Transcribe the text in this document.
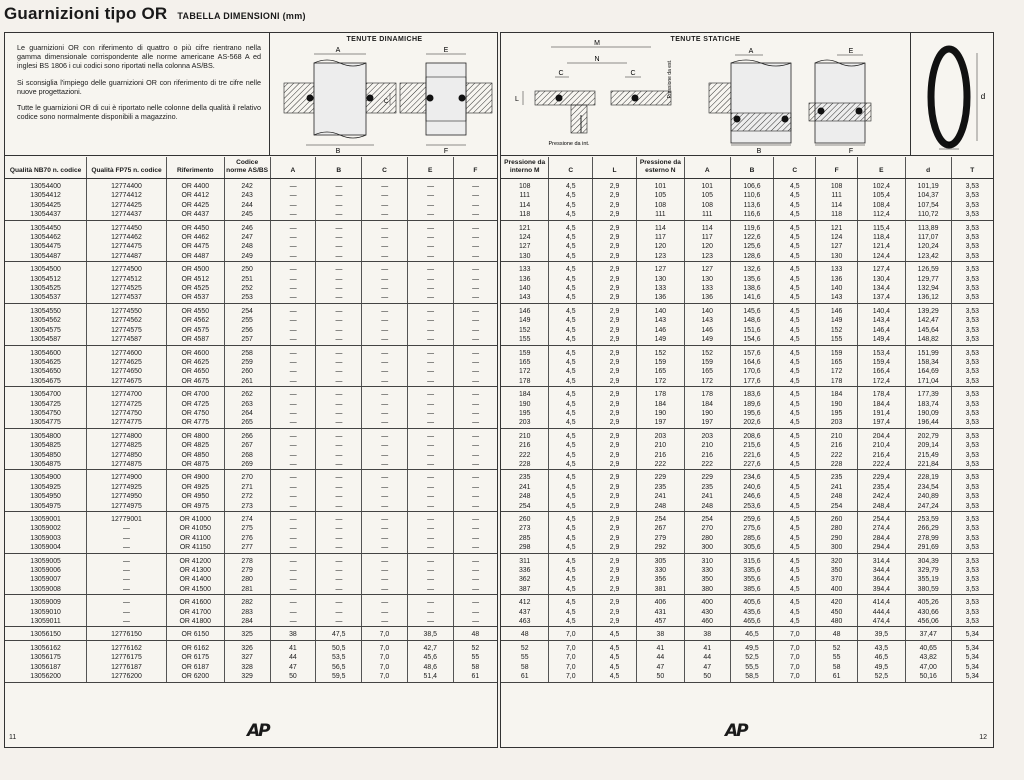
Guarnizioni tipo OR TABELLA DIMENSIONI (mm)

Le guarnizioni OR con riferimento di quattro o più cifre rientrano nella gamma dimensionale corrispondente alle norme americane AS-568 A ed inglesi BS 1806 i cui codici sono riportati nella colonna AS/BS.

Si sconsiglia l'impiego delle guarnizioni OR con riferimento di tre cifre nelle nuove progettazioni.

Tutte le guarnizioni OR di cui è riportato nelle colonne della qualità il relativo codice sono normalmente disponibili a magazzino.

TENUTE DINAMICHE
A
B
C
E
F
Qualità NB70 n. codice	Qualità FP75 n. codice	Riferimento	Codice norme AS/BS	A	B	C	E	F
13054400	12774400	OR 4400	242	—	—	—	—	—
13054412	12774412	OR 4412	243	—	—	—	—	—
13054425	12774425	OR 4425	244	—	—	—	—	—
13054437	12774437	OR 4437	245	—	—	—	—	—
13054450	12774450	OR 4450	246	—	—	—	—	—
13054462	12774462	OR 4462	247	—	—	—	—	—
13054475	12774475	OR 4475	248	—	—	—	—	—
13054487	12774487	OR 4487	249	—	—	—	—	—
13054500	12774500	OR 4500	250	—	—	—	—	—
13054512	12774512	OR 4512	251	—	—	—	—	—
13054525	12774525	OR 4525	252	—	—	—	—	—
13054537	12774537	OR 4537	253	—	—	—	—	—
13054550	12774550	OR 4550	254	—	—	—	—	—
13054562	12774562	OR 4562	255	—	—	—	—	—
13054575	12774575	OR 4575	256	—	—	—	—	—
13054587	12774587	OR 4587	257	—	—	—	—	—
13054600	12774600	OR 4600	258	—	—	—	—	—
13054625	12774625	OR 4625	259	—	—	—	—	—
13054650	12774650	OR 4650	260	—	—	—	—	—
13054675	12774675	OR 4675	261	—	—	—	—	—
13054700	12774700	OR 4700	262	—	—	—	—	—
13054725	12774725	OR 4725	263	—	—	—	—	—
13054750	12774750	OR 4750	264	—	—	—	—	—
13054775	12774775	OR 4775	265	—	—	—	—	—
13054800	12774800	OR 4800	266	—	—	—	—	—
13054825	12774825	OR 4825	267	—	—	—	—	—
13054850	12774850	OR 4850	268	—	—	—	—	—
13054875	12774875	OR 4875	269	—	—	—	—	—
13054900	12774900	OR 4900	270	—	—	—	—	—
13054925	12774925	OR 4925	271	—	—	—	—	—
13054950	12774950	OR 4950	272	—	—	—	—	—
13054975	12774975	OR 4975	273	—	—	—	—	—
13059001	12779001	OR 41000	274	—	—	—	—	—
13059002	—	OR 41050	275	—	—	—	—	—
13059003	—	OR 41100	276	—	—	—	—	—
13059004	—	OR 41150	277	—	—	—	—	—
13059005	—	OR 41200	278	—	—	—	—	—
13059006	—	OR 41300	279	—	—	—	—	—
13059007	—	OR 41400	280	—	—	—	—	—
13059008	—	OR 41500	281	—	—	—	—	—
13059009	—	OR 41600	282	—	—	—	—	—
13059010	—	OR 41700	283	—	—	—	—	—
13059011	—	OR 41800	284	—	—	—	—	—
13056150	12776150	OR 6150	325	38	47,5	7,0	38,5	48
13056162	12776162	OR 6162	326	41	50,5	7,0	42,7	52
13056175	12776175	OR 6175	327	44	53,5	7,0	45,6	55
13056187	12776187	OR 6187	328	47	56,5	7,0	48,6	58
13056200	12776200	OR 6200	329	50	59,5	7,0	51,4	61
AP
11
TENUTE STATICHE
M
N
C	C
L
Pressione da int.
Pressione da est.
A
B
E
F
d
T
Pressione da interno M	C	L	Pressione da esterno N	A	B	C	F	E	d	T
108	4,5	2,9	101	101	106,6	4,5	108	102,4	101,19	3,53
111	4,5	2,9	105	105	110,6	4,5	111	105,4	104,37	3,53
114	4,5	2,9	108	108	113,6	4,5	114	108,4	107,54	3,53
118	4,5	2,9	111	111	116,6	4,5	118	112,4	110,72	3,53
121	4,5	2,9	114	114	119,6	4,5	121	115,4	113,89	3,53
124	4,5	2,9	117	117	122,6	4,5	124	118,4	117,07	3,53
127	4,5	2,9	120	120	125,6	4,5	127	121,4	120,24	3,53
130	4,5	2,9	123	123	128,6	4,5	130	124,4	123,42	3,53
133	4,5	2,9	127	127	132,6	4,5	133	127,4	126,59	3,53
136	4,5	2,9	130	130	135,6	4,5	136	130,4	129,77	3,53
140	4,5	2,9	133	133	138,6	4,5	140	134,4	132,94	3,53
143	4,5	2,9	136	136	141,6	4,5	143	137,4	136,12	3,53
146	4,5	2,9	140	140	145,6	4,5	146	140,4	139,29	3,53
149	4,5	2,9	143	143	148,6	4,5	149	143,4	142,47	3,53
152	4,5	2,9	146	146	151,6	4,5	152	146,4	145,64	3,53
155	4,5	2,9	149	149	154,6	4,5	155	149,4	148,82	3,53
159	4,5	2,9	152	152	157,6	4,5	159	153,4	151,99	3,53
165	4,5	2,9	159	159	164,6	4,5	165	159,4	158,34	3,53
172	4,5	2,9	165	165	170,6	4,5	172	166,4	164,69	3,53
178	4,5	2,9	172	172	177,6	4,5	178	172,4	171,04	3,53
184	4,5	2,9	178	178	183,6	4,5	184	178,4	177,39	3,53
190	4,5	2,9	184	184	189,6	4,5	190	184,4	183,74	3,53
195	4,5	2,9	190	190	195,6	4,5	195	191,4	190,09	3,53
203	4,5	2,9	197	197	202,6	4,5	203	197,4	196,44	3,53
210	4,5	2,9	203	203	208,6	4,5	210	204,4	202,79	3,53
216	4,5	2,9	210	210	215,6	4,5	216	210,4	209,14	3,53
222	4,5	2,9	216	216	221,6	4,5	222	216,4	215,49	3,53
228	4,5	2,9	222	222	227,6	4,5	228	222,4	221,84	3,53
235	4,5	2,9	229	229	234,6	4,5	235	229,4	228,19	3,53
241	4,5	2,9	235	235	240,6	4,5	241	235,4	234,54	3,53
248	4,5	2,9	241	241	246,6	4,5	248	242,4	240,89	3,53
254	4,5	2,9	248	248	253,6	4,5	254	248,4	247,24	3,53
260	4,5	2,9	254	254	259,6	4,5	260	254,4	253,59	3,53
273	4,5	2,9	267	270	275,6	4,5	280	274,4	266,29	3,53
285	4,5	2,9	279	280	285,6	4,5	290	284,4	278,99	3,53
298	4,5	2,9	292	300	305,6	4,5	300	294,4	291,69	3,53
311	4,5	2,9	305	310	315,6	4,5	320	314,4	304,39	3,53
336	4,5	2,9	330	330	335,6	4,5	350	344,4	329,79	3,53
362	4,5	2,9	356	350	355,6	4,5	370	364,4	355,19	3,53
387	4,5	2,9	381	380	385,6	4,5	400	394,4	380,59	3,53
412	4,5	2,9	406	400	405,6	4,5	420	414,4	405,26	3,53
437	4,5	2,9	431	430	435,6	4,5	450	444,4	430,66	3,53
463	4,5	2,9	457	460	465,6	4,5	480	474,4	456,06	3,53
48	7,0	4,5	38	38	46,5	7,0	48	39,5	37,47	5,34
52	7,0	4,5	41	41	49,5	7,0	52	43,5	40,65	5,34
55	7,0	4,5	44	44	52,5	7,0	55	46,5	43,82	5,34
58	7,0	4,5	47	47	55,5	7,0	58	49,5	47,00	5,34
61	7,0	4,5	50	50	58,5	7,0	61	52,5	50,16	5,34
AP	12
